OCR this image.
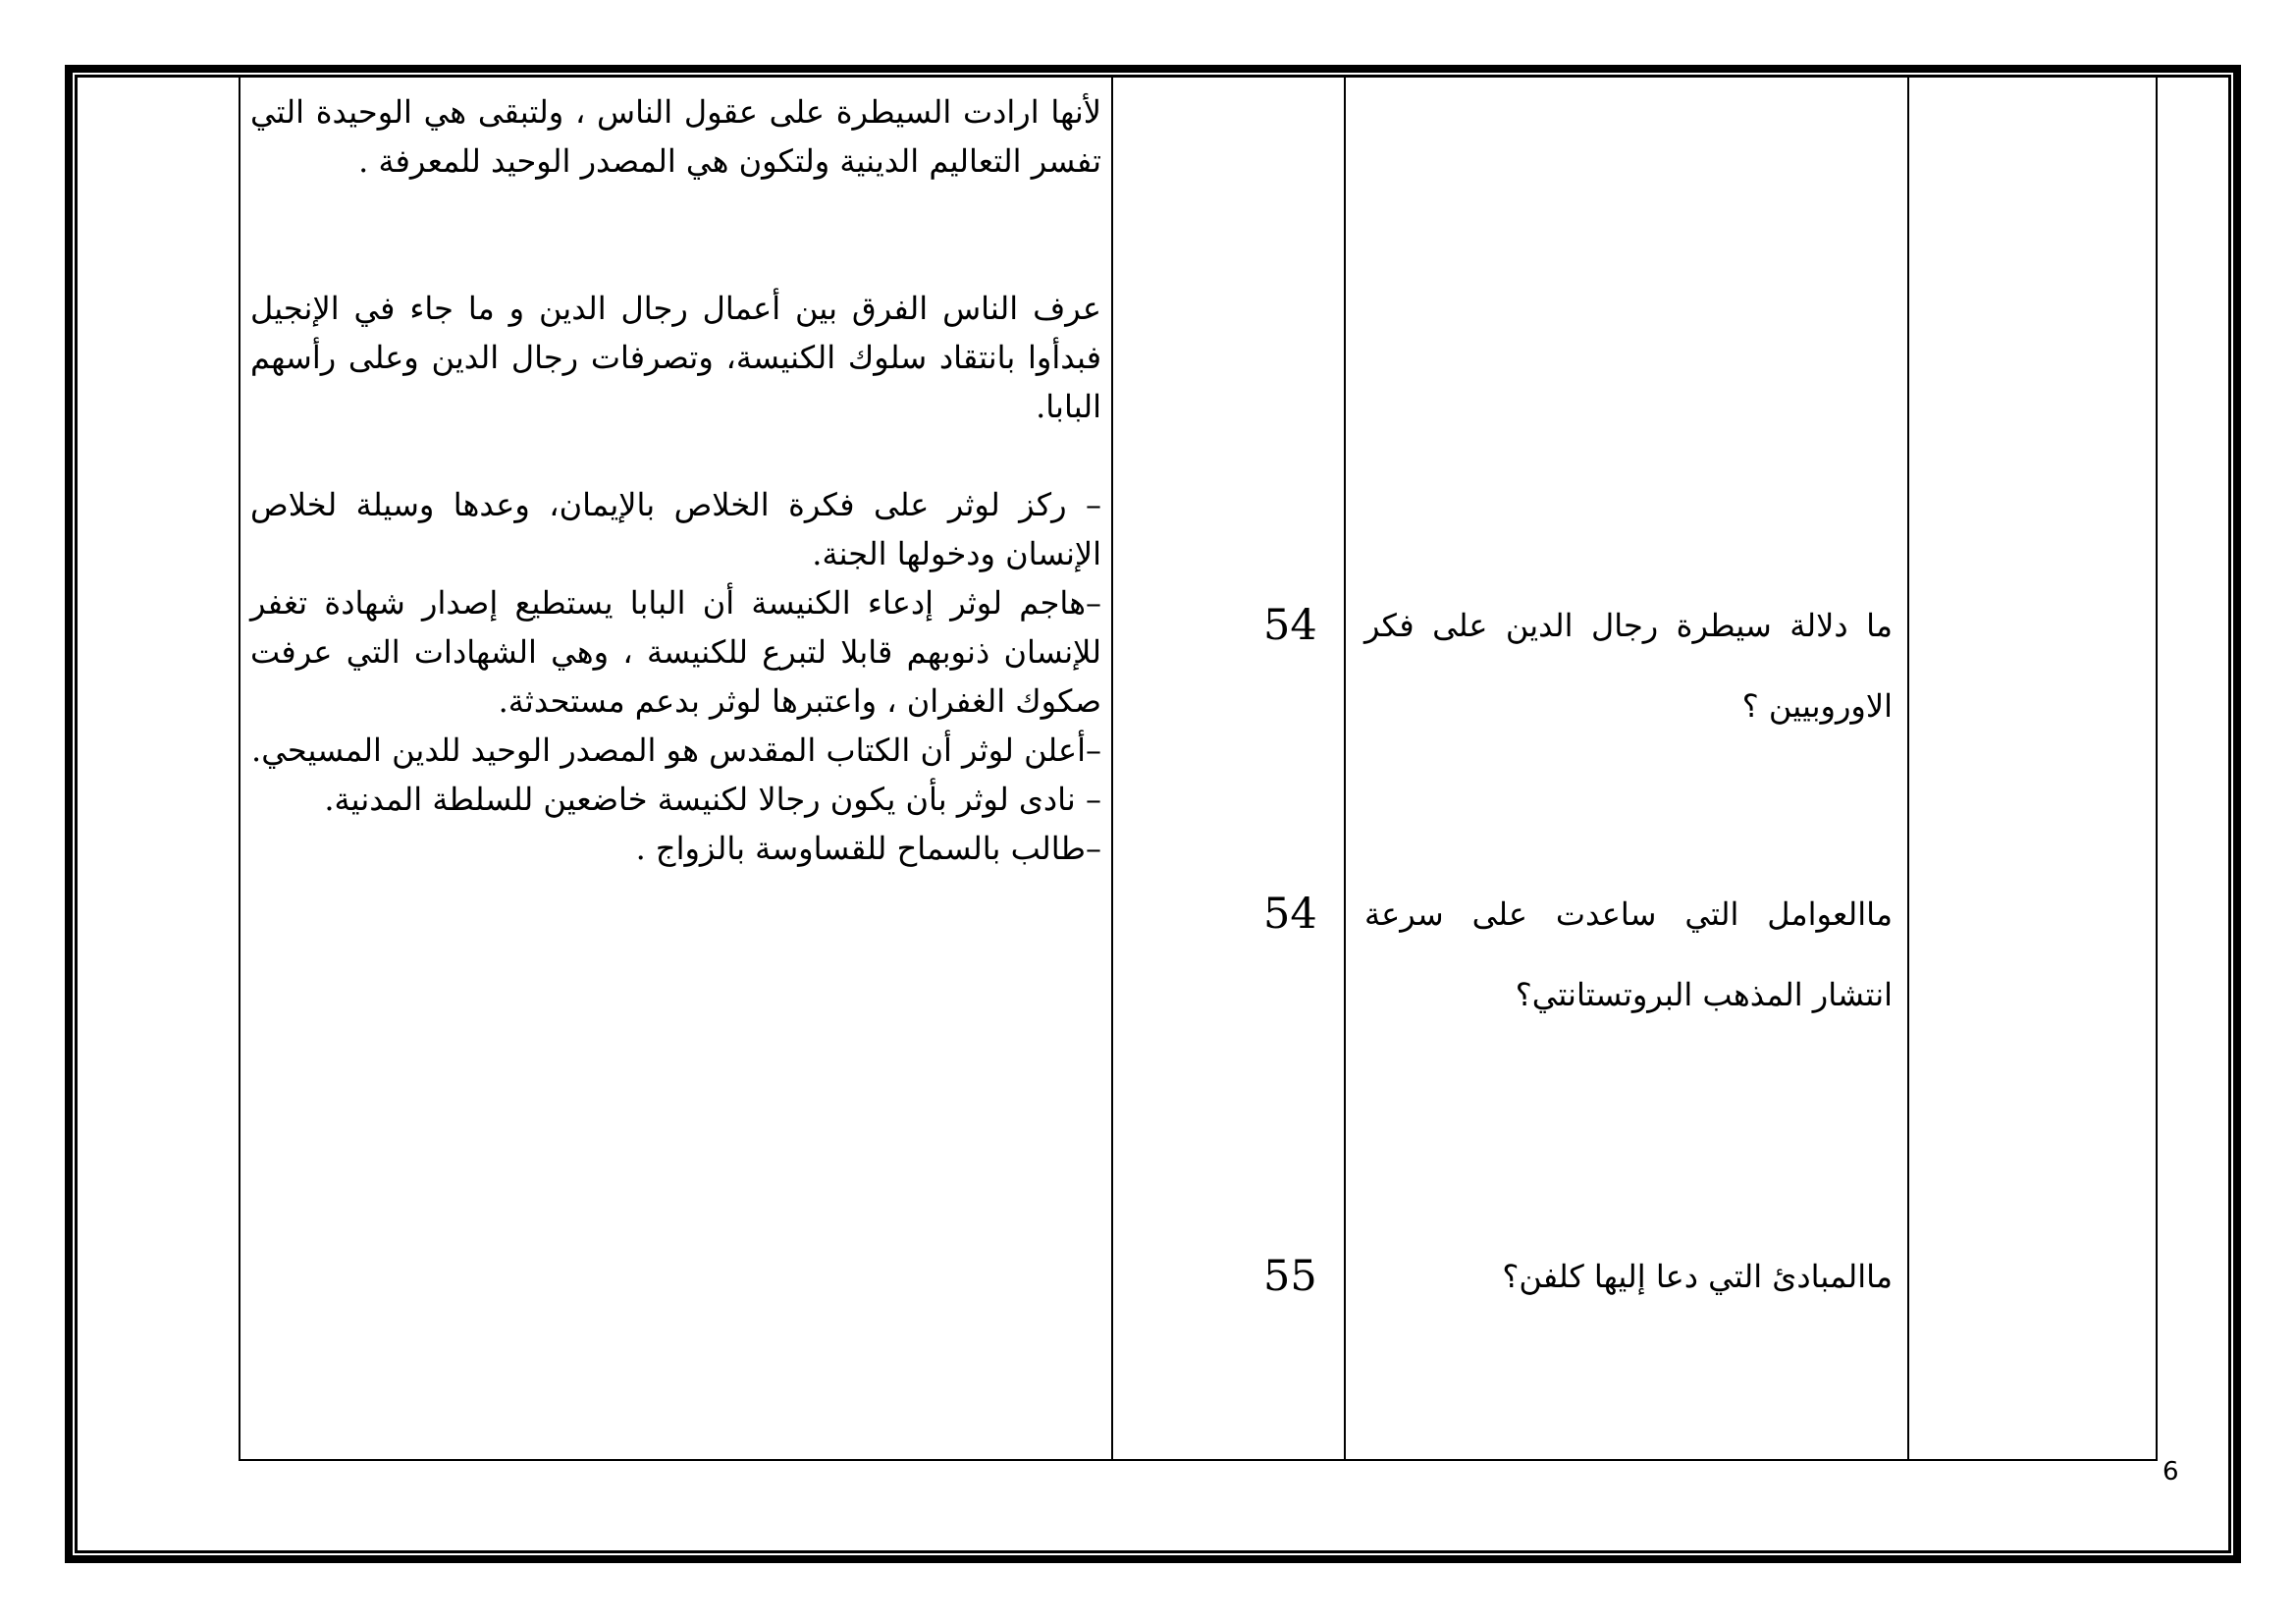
لأنها ارادت السيطرة على عقول الناس ، ولتبقى هي الوحيدة التي تفسر التعاليم الدينية ولتكون هي المصدر الوحيد للمعرفة .

عرف الناس الفرق بين أعمال رجال الدين و ما جاء في الإنجيل فبدأوا بانتقاد سلوك الكنيسة، وتصرفات رجال الدين وعلى رأسهم البابا.

– ركز لوثر على فكرة الخلاص بالإيمان، وعدها وسيلة لخلاص الإنسان ودخولها الجنة.

–هاجم لوثر إدعاء الكنيسة أن البابا يستطيع إصدار شهادة تغفر للإنسان ذنوبهم قابلا لتبرع للكنيسة ، وهي الشهادات التي عرفت صكوك الغفران ، واعتبرها لوثر بدعم مستحدثة.

–أعلن لوثر أن الكتاب المقدس هو المصدر الوحيد للدين المسيحي.

– نادى لوثر بأن يكون رجالا لكنيسة خاضعين للسلطة المدنية.

–طالب بالسماح للقساوسة بالزواج .

54
54
55
ما دلالة سيطرة رجال الدين على فكر الاوروبيين ؟
ماالعوامل التي ساعدت على سرعة انتشار المذهب البروتستانتي؟
ماالمبادئ التي دعا إليها كلفن؟
6
